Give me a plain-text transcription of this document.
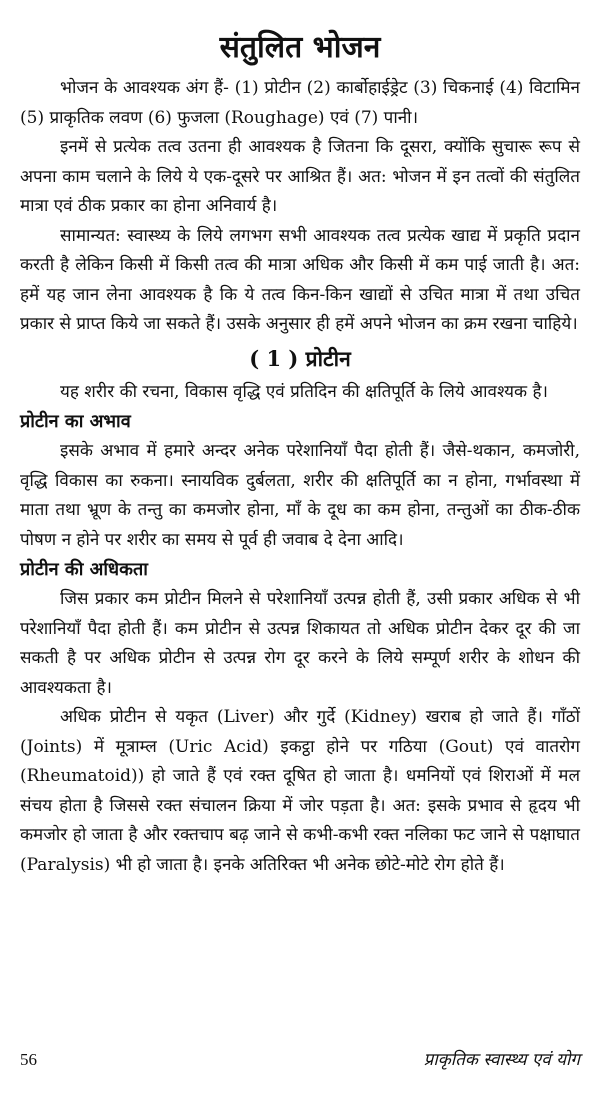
संतुलित भोजन

भोजन के आवश्यक अंग हैं- (1) प्रोटीन (2) कार्बोहाईड्रेट (3) चिकनाई (4) विटामिन (5) प्राकृतिक लवण (6) फुजला (Roughage) एवं (7) पानी।

इनमें से प्रत्येक तत्व उतना ही आवश्यक है जितना कि दूसरा, क्योंकि सुचारू रूप से अपना काम चलाने के लिये ये एक-दूसरे पर आश्रित हैं। अत: भोजन में इन तत्वों की संतुलित मात्रा एवं ठीक प्रकार का होना अनिवार्य है।

सामान्यत: स्वास्थ्य के लिये लगभग सभी आवश्यक तत्व प्रत्येक खाद्य में प्रकृति प्रदान करती है लेकिन किसी में किसी तत्व की मात्रा अधिक और किसी में कम पाई जाती है। अत: हमें यह जान लेना आवश्यक है कि ये तत्व किन-किन खाद्यों से उचित मात्रा में तथा उचित प्रकार से प्राप्त किये जा सकते हैं। उसके अनुसार ही हमें अपने भोजन का क्रम रखना चाहिये।

( 1 ) प्रोटीन

यह शरीर की रचना, विकास वृद्धि एवं प्रतिदिन की क्षतिपूर्ति के लिये आवश्यक है।

प्रोटीन का अभाव

इसके अभाव में हमारे अन्दर अनेक परेशानियाँ पैदा होती हैं। जैसे-थकान, कमजोरी, वृद्धि विकास का रुकना। स्नायविक दुर्बलता, शरीर की क्षतिपूर्ति का न होना, गर्भावस्था में माता तथा भ्रूण के तन्तु का कमजोर होना, माँ के दूध का कम होना, तन्तुओं का ठीक-ठीक पोषण न होने पर शरीर का समय से पूर्व ही जवाब दे देना आदि।

प्रोटीन की अधिकता

जिस प्रकार कम प्रोटीन मिलने से परेशानियाँ उत्पन्न होती हैं, उसी प्रकार अधिक से भी परेशानियाँ पैदा होती हैं। कम प्रोटीन से उत्पन्न शिकायत तो अधिक प्रोटीन देकर दूर की जा सकती है पर अधिक प्रोटीन से उत्पन्न रोग दूर करने के लिये सम्पूर्ण शरीर के शोधन की आवश्यकता है।

अधिक प्रोटीन से यकृत (Liver) और गुर्दे (Kidney) खराब हो जाते हैं। गाँठों (Joints) में मूत्राम्ल (Uric Acid) इकट्ठा होने पर गठिया (Gout) एवं वातरोग (Rheumatoid)) हो जाते हैं एवं रक्त दूषित हो जाता है। धमनियों एवं शिराओं में मल संचय होता है जिससे रक्त संचालन क्रिया में जोर पड़ता है। अत: इसके प्रभाव से हृदय भी कमजोर हो जाता है और रक्तचाप बढ़ जाने से कभी-कभी रक्त नलिका फट जाने से पक्षाघात (Paralysis) भी हो जाता है। इनके अतिरिक्त भी अनेक छोटे-मोटे रोग होते हैं।

56	प्राकृतिक स्वास्थ्य एवं योग
